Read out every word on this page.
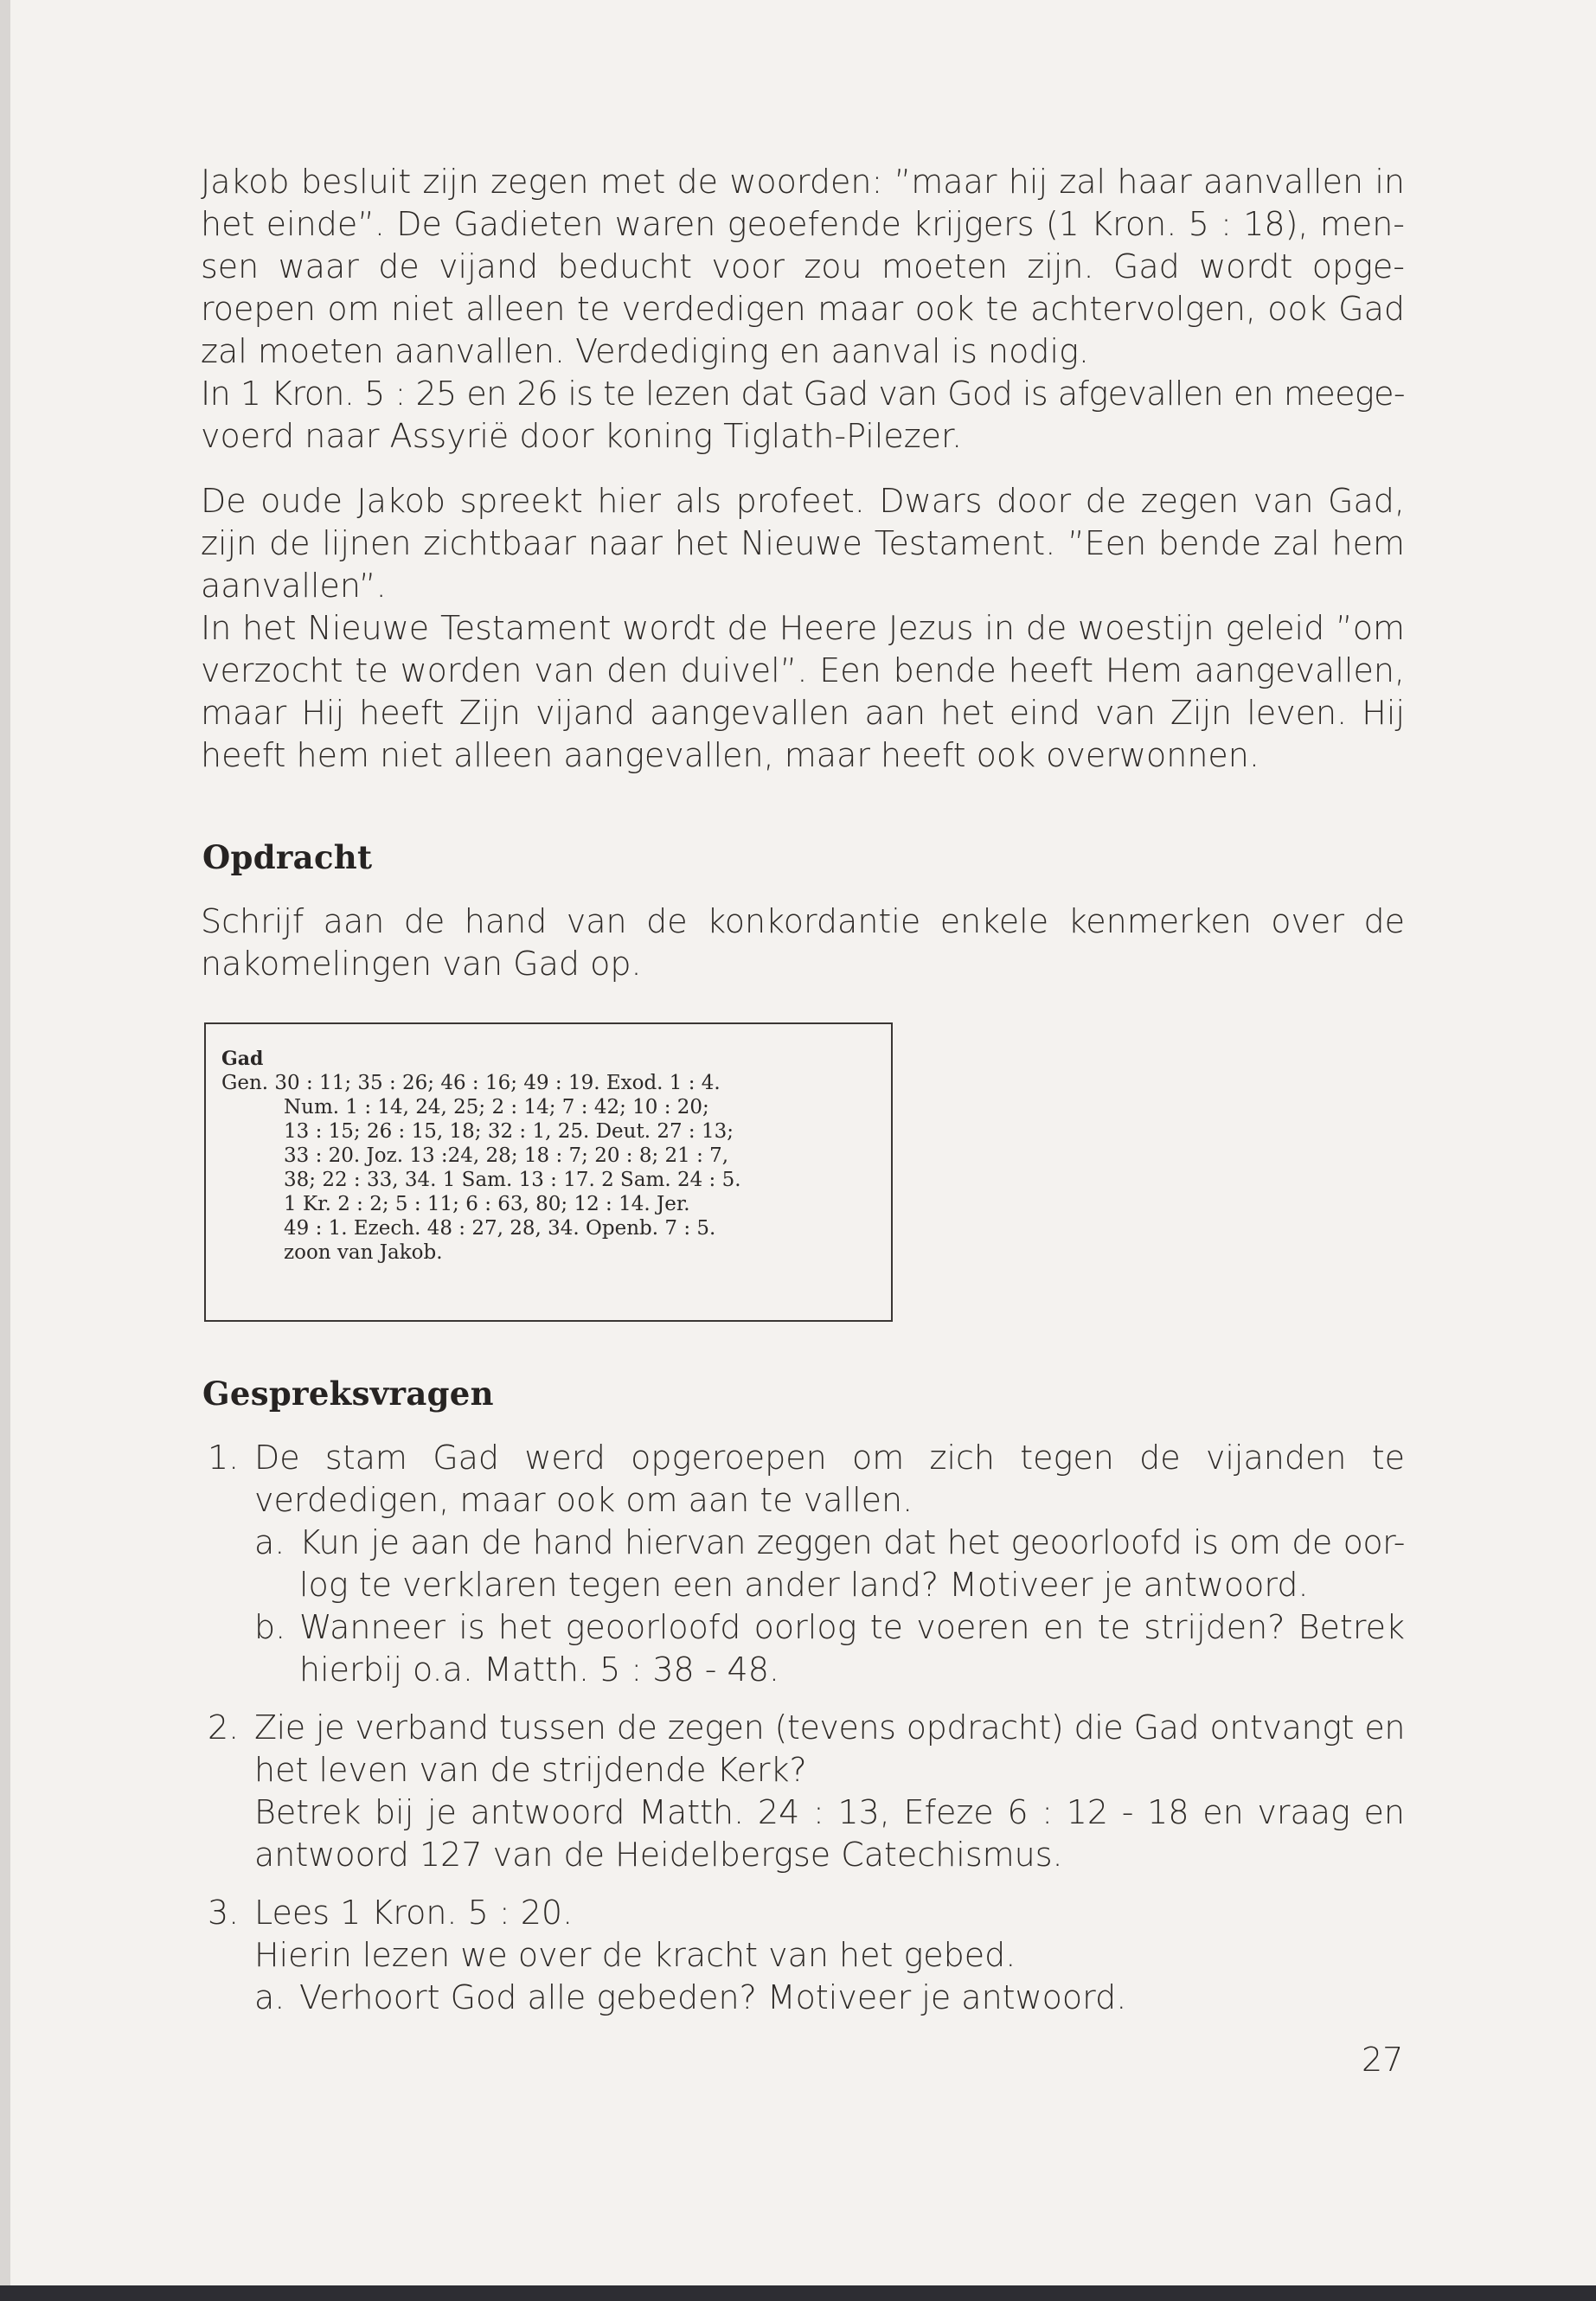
Jakob besluit zijn zegen met de woorden: ”maar hij zal haar aanvallen in
het einde”. De Gadieten waren geoefende krijgers (1 Kron. 5 : 18), men-
sen waar de vijand beducht voor zou moeten zijn. Gad wordt opge-
roepen om niet alleen te verdedigen maar ook te achtervolgen, ook Gad
zal moeten aanvallen. Verdediging en aanval is nodig.
In 1 Kron. 5 : 25 en 26 is te lezen dat Gad van God is afgevallen en meege-
voerd naar Assyrië door koning Tiglath-Pilezer.
De oude Jakob spreekt hier als profeet. Dwars door de zegen van Gad,
zijn de lijnen zichtbaar naar het Nieuwe Testament. ”Een bende zal hem
aanvallen”.
In het Nieuwe Testament wordt de Heere Jezus in de woestijn geleid ”om
verzocht te worden van den duivel”. Een bende heeft Hem aangevallen,
maar Hij heeft Zijn vijand aangevallen aan het eind van Zijn leven. Hij
heeft hem niet alleen aangevallen, maar heeft ook overwonnen.
Opdracht
Schrijf aan de hand van de konkordantie enkele kenmerken over de
nakomelingen van Gad op.
Gad
Gen. 30 : 11; 35 : 26; 46 : 16; 49 : 19. Exod. 1 : 4.
Num. 1 : 14, 24, 25; 2 : 14; 7 : 42; 10 : 20;
13 : 15; 26 : 15, 18; 32 : 1, 25. Deut. 27 : 13;
33 : 20. Joz. 13 :24, 28; 18 : 7; 20 : 8; 21 : 7,
38; 22 : 33, 34. 1 Sam. 13 : 17. 2 Sam. 24 : 5.
1 Kr. 2 : 2; 5 : 11; 6 : 63, 80; 12 : 14. Jer.
49 : 1. Ezech. 48 : 27, 28, 34. Openb. 7 : 5.
zoon van Jakob.
Gespreksvragen
1. De stam Gad werd opgeroepen om zich tegen de vijanden te
verdedigen, maar ook om aan te vallen.
a. Kun je aan de hand hiervan zeggen dat het geoorloofd is om de oor-
log te verklaren tegen een ander land? Motiveer je antwoord.
b. Wanneer is het geoorloofd oorlog te voeren en te strijden? Betrek
hierbij o.a. Matth. 5 : 38 - 48.
2. Zie je verband tussen de zegen (tevens opdracht) die Gad ontvangt en
het leven van de strijdende Kerk?
Betrek bij je antwoord Matth. 24 : 13, Efeze 6 : 12 - 18 en vraag en
antwoord 127 van de Heidelbergse Catechismus.
3. Lees 1 Kron. 5 : 20.
Hierin lezen we over de kracht van het gebed.
a. Verhoort God alle gebeden? Motiveer je antwoord.
27
